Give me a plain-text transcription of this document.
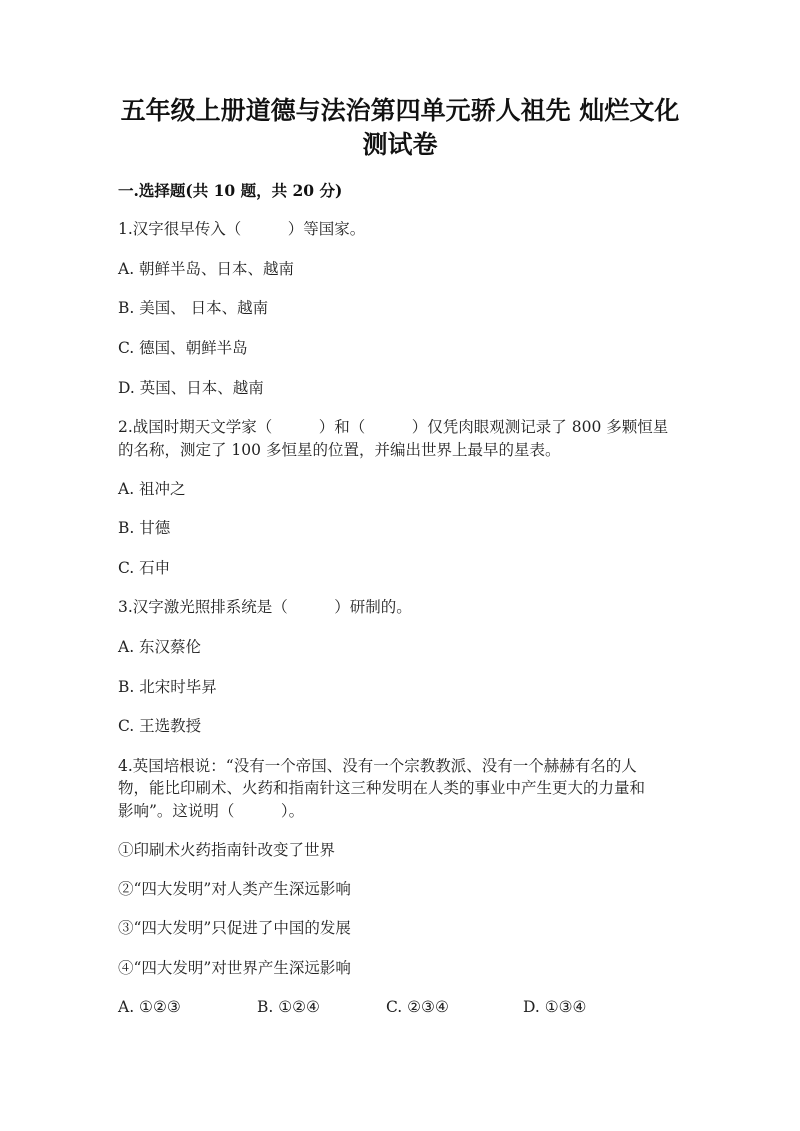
五年级上册道德与法治第四单元骄人祖先 灿烂文化
测试卷
一.选择题(共 10 题，共 20 分)
1.汉字很早传入（　　　）等国家。
A. 朝鲜半岛、日本、越南
B. 美国、 日本、越南
C. 德国、朝鲜半岛
D. 英国、日本、越南
2.战国时期天文学家（　　　）和（　　　）仅凭肉眼观测记录了 800 多颗恒星
的名称，测定了 100 多恒星的位置，并编出世界上最早的星表。
A. 祖冲之
B. 甘德
C. 石申
3.汉字激光照排系统是（　　　）研制的。
A. 东汉蔡伦
B. 北宋时毕昇
C. 王选教授
4.英国培根说：“没有一个帝国、没有一个宗教教派、没有一个赫赫有名的人
物，能比印刷术、火药和指南针这三种发明在人类的事业中产生更大的力量和
影响”。这说明（　　　）。
①印刷术火药指南针改变了世界
②“四大发明”对人类产生深远影响
③“四大发明”只促进了中国的发展
④“四大发明”对世界产生深远影响
A. ①②③	B. ①②④	C. ②③④	D. ①③④
